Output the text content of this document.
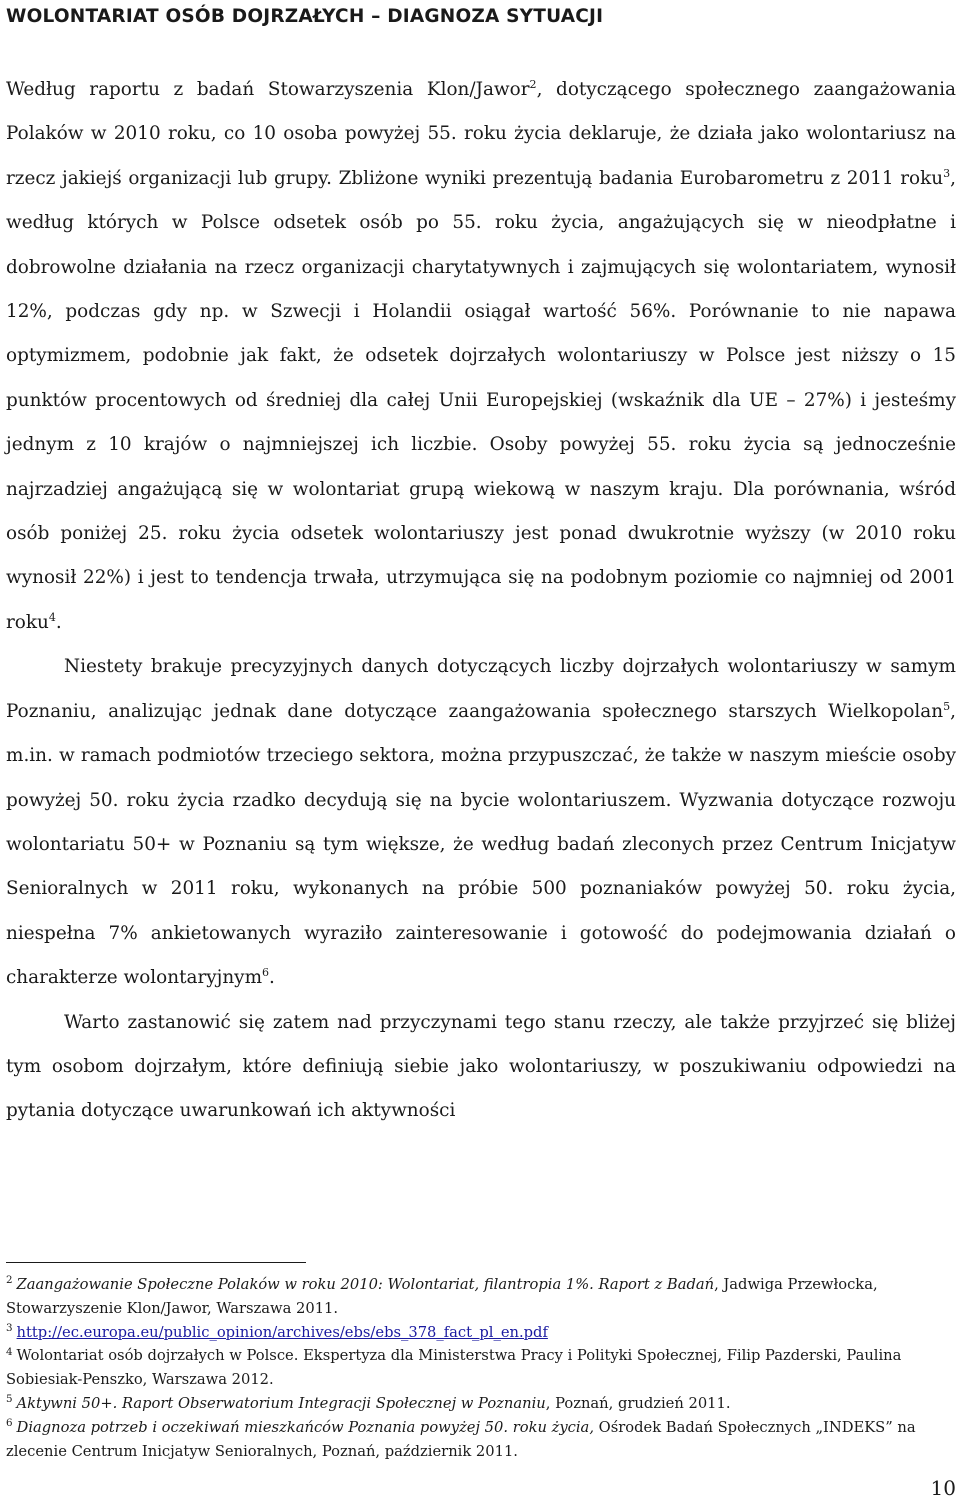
WOLONTARIAT OSÓB DOJRZAŁYCH – DIAGNOZA SYTUACJI

Według raportu z badań Stowarzyszenia Klon/Jawor$^2$, dotyczącego społecznego zaangażowania Polaków w 2010 roku, co 10 osoba powyżej 55. roku życia deklaruje, że działa jako wolontariusz na rzecz jakiejś organizacji lub grupy. Zbliżone wyniki prezentują badania Eurobarometru z 2011 roku$^3$, według których w Polsce odsetek osób po 55. roku życia, angażujących się w nieodpłatne i dobrowolne działania na rzecz organizacji charytatywnych i zajmujących się wolontariatem, wynosił 12%, podczas gdy np. w Szwecji i Holandii osiągał wartość 56%. Porównanie to nie napawa optymizmem, podobnie jak fakt, że odsetek dojrzałych wolontariuszy w Polsce jest niższy o 15 punktów procentowych od średniej dla całej Unii Europejskiej (wskaźnik dla UE – 27%) i jesteśmy jednym z 10 krajów o najmniejszej ich liczbie. Osoby powyżej 55. roku życia są jednocześnie najrzadziej angażującą się w wolontariat grupą wiekową w naszym kraju. Dla porównania, wśród osób poniżej 25. roku życia odsetek wolontariuszy jest ponad dwukrotnie wyższy (w 2010 roku wynosił 22%) i jest to tendencja trwała, utrzymująca się na podobnym poziomie co najmniej od 2001 roku$^4$.

Niestety brakuje precyzyjnych danych dotyczących liczby dojrzałych wolontariuszy w samym Poznaniu, analizując jednak dane dotyczące zaangażowania społecznego starszych Wielkopolan$^5$, m.in. w ramach podmiotów trzeciego sektora, można przypuszczać, że także w naszym mieście osoby powyżej 50. roku życia rzadko decydują się na bycie wolontariuszem. Wyzwania dotyczące rozwoju wolontariatu 50+ w Poznaniu są tym większe, że według badań zleconych przez Centrum Inicjatyw Senioralnych w 2011 roku, wykonanych na próbie 500 poznaniaków powyżej 50. roku życia, niespełna 7% ankietowanych wyraziło zainteresowanie i gotowość do podejmowania działań o charakterze wolontaryjnym$^6$.

Warto zastanowić się zatem nad przyczynami tego stanu rzeczy, ale także przyjrzeć się bliżej tym osobom dojrzałym, które definiują siebie jako wolontariuszy, w poszukiwaniu odpowiedzi na pytania dotyczące uwarunkowań ich aktywności

$^2$ Zaangażowanie Społeczne Polaków w roku 2010: Wolontariat, filantropia 1%. Raport z Badań, Jadwiga Przewłocka, Stowarzyszenie Klon/Jawor, Warszawa 2011.

$^3$ http://ec.europa.eu/public_opinion/archives/ebs/ebs_378_fact_pl_en.pdf

$^4$ Wolontariat osób dojrzałych w Polsce. Ekspertyza dla Ministerstwa Pracy i Polityki Społecznej, Filip Pazderski, Paulina Sobiesiak-Penszko, Warszawa 2012.

$^5$ Aktywni 50+. Raport Obserwatorium Integracji Społecznej w Poznaniu, Poznań, grudzień 2011.

$^6$ Diagnoza potrzeb i oczekiwań mieszkańców Poznania powyżej 50. roku życia, Ośrodek Badań Społecznych „INDEKS” na zlecenie Centrum Inicjatyw Senioralnych, Poznań, październik 2011.

10
